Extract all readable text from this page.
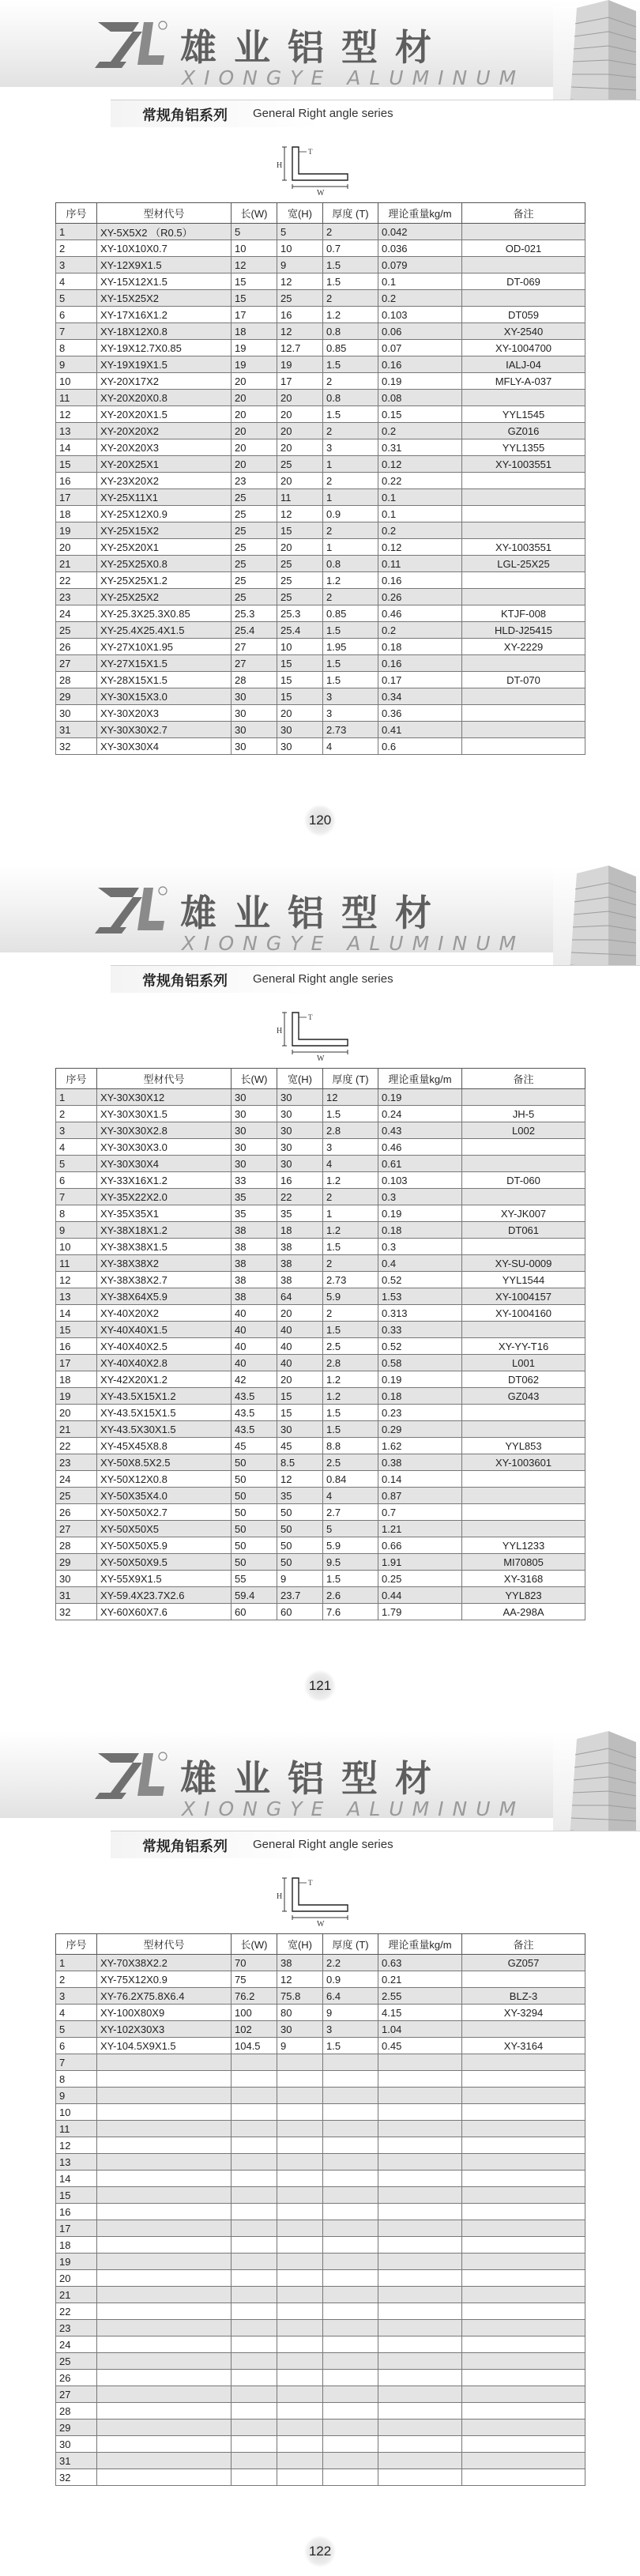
雄业铝型材
XIONGYE ALUMINUM
常规角铝系列 General Right angle series
H
T
W
序号	型材代号	长(W)	宽(H)	厚度 (T)	理论重量kg/m	备注
1	XY-5X5X2 （R0.5）	5	5	2	0.042	
2	XY-10X10X0.7	10	10	0.7	0.036	OD-021
3	XY-12X9X1.5	12	9	1.5	0.079	
4	XY-15X12X1.5	15	12	1.5	0.1	DT-069
5	XY-15X25X2	15	25	2	0.2	
6	XY-17X16X1.2	17	16	1.2	0.103	DT059
7	XY-18X12X0.8	18	12	0.8	0.06	XY-2540
8	XY-19X12.7X0.85	19	12.7	0.85	0.07	XY-1004700
9	XY-19X19X1.5	19	19	1.5	0.16	IALJ-04
10	XY-20X17X2	20	17	2	0.19	MFLY-A-037
11	XY-20X20X0.8	20	20	0.8	0.08	
12	XY-20X20X1.5	20	20	1.5	0.15	YYL1545
13	XY-20X20X2	20	20	2	0.2	GZ016
14	XY-20X20X3	20	20	3	0.31	YYL1355
15	XY-20X25X1	20	25	1	0.12	XY-1003551
16	XY-23X20X2	23	20	2	0.22	
17	XY-25X11X1	25	11	1	0.1	
18	XY-25X12X0.9	25	12	0.9	0.1	
19	XY-25X15X2	25	15	2	0.2	
20	XY-25X20X1	25	20	1	0.12	XY-1003551
21	XY-25X25X0.8	25	25	0.8	0.11	LGL-25X25
22	XY-25X25X1.2	25	25	1.2	0.16	
23	XY-25X25X2	25	25	2	0.26	
24	XY-25.3X25.3X0.85	25.3	25.3	0.85	0.46	KTJF-008
25	XY-25.4X25.4X1.5	25.4	25.4	1.5	0.2	HLD-J25415
26	XY-27X10X1.95	27	10	1.95	0.18	XY-2229
27	XY-27X15X1.5	27	15	1.5	0.16	
28	XY-28X15X1.5	28	15	1.5	0.17	DT-070
29	XY-30X15X3.0	30	15	3	0.34	
30	XY-30X20X3	30	20	3	0.36	
31	XY-30X30X2.7	30	30	2.73	0.41	
32	XY-30X30X4	30	30	4	0.6	
120
雄业铝型材
XIONGYE ALUMINUM
常规角铝系列 General Right angle series
H
T
W
序号	型材代号	长(W)	宽(H)	厚度 (T)	理论重量kg/m	备注
1	XY-30X30X12	30	30	12	0.19	
2	XY-30X30X1.5	30	30	1.5	0.24	JH-5
3	XY-30X30X2.8	30	30	2.8	0.43	L002
4	XY-30X30X3.0	30	30	3	0.46	
5	XY-30X30X4	30	30	4	0.61	
6	XY-33X16X1.2	33	16	1.2	0.103	DT-060
7	XY-35X22X2.0	35	22	2	0.3	
8	XY-35X35X1	35	35	1	0.19	XY-JK007
9	XY-38X18X1.2	38	18	1.2	0.18	DT061
10	XY-38X38X1.5	38	38	1.5	0.3	
11	XY-38X38X2	38	38	2	0.4	XY-SU-0009
12	XY-38X38X2.7	38	38	2.73	0.52	YYL1544
13	XY-38X64X5.9	38	64	5.9	1.53	XY-1004157
14	XY-40X20X2	40	20	2	0.313	XY-1004160
15	XY-40X40X1.5	40	40	1.5	0.33	
16	XY-40X40X2.5	40	40	2.5	0.52	XY-YY-T16
17	XY-40X40X2.8	40	40	2.8	0.58	L001
18	XY-42X20X1.2	42	20	1.2	0.19	DT062
19	XY-43.5X15X1.2	43.5	15	1.2	0.18	GZ043
20	XY-43.5X15X1.5	43.5	15	1.5	0.23	
21	XY-43.5X30X1.5	43.5	30	1.5	0.29	
22	XY-45X45X8.8	45	45	8.8	1.62	YYL853
23	XY-50X8.5X2.5	50	8.5	2.5	0.38	XY-1003601
24	XY-50X12X0.8	50	12	0.84	0.14	
25	XY-50X35X4.0	50	35	4	0.87	
26	XY-50X50X2.7	50	50	2.7	0.7	
27	XY-50X50X5	50	50	5	1.21	
28	XY-50X50X5.9	50	50	5.9	0.66	YYL1233
29	XY-50X50X9.5	50	50	9.5	1.91	MI70805
30	XY-55X9X1.5	55	9	1.5	0.25	XY-3168
31	XY-59.4X23.7X2.6	59.4	23.7	2.6	0.44	YYL823
32	XY-60X60X7.6	60	60	7.6	1.79	AA-298A
121
雄业铝型材
XIONGYE ALUMINUM
常规角铝系列 General Right angle series
H
T
W
序号	型材代号	长(W)	宽(H)	厚度 (T)	理论重量kg/m	备注
1	XY-70X38X2.2	70	38	2.2	0.63	GZ057
2	XY-75X12X0.9	75	12	0.9	0.21	
3	XY-76.2X75.8X6.4	76.2	75.8	6.4	2.55	BLZ-3
4	XY-100X80X9	100	80	9	4.15	XY-3294
5	XY-102X30X3	102	30	3	1.04	
6	XY-104.5X9X1.5	104.5	9	1.5	0.45	XY-3164
7						
8						
9						
10						
11						
12						
13						
14						
15						
16						
17						
18						
19						
20						
21						
22						
23						
24						
25						
26						
27						
28						
29						
30						
31						
32						
122
